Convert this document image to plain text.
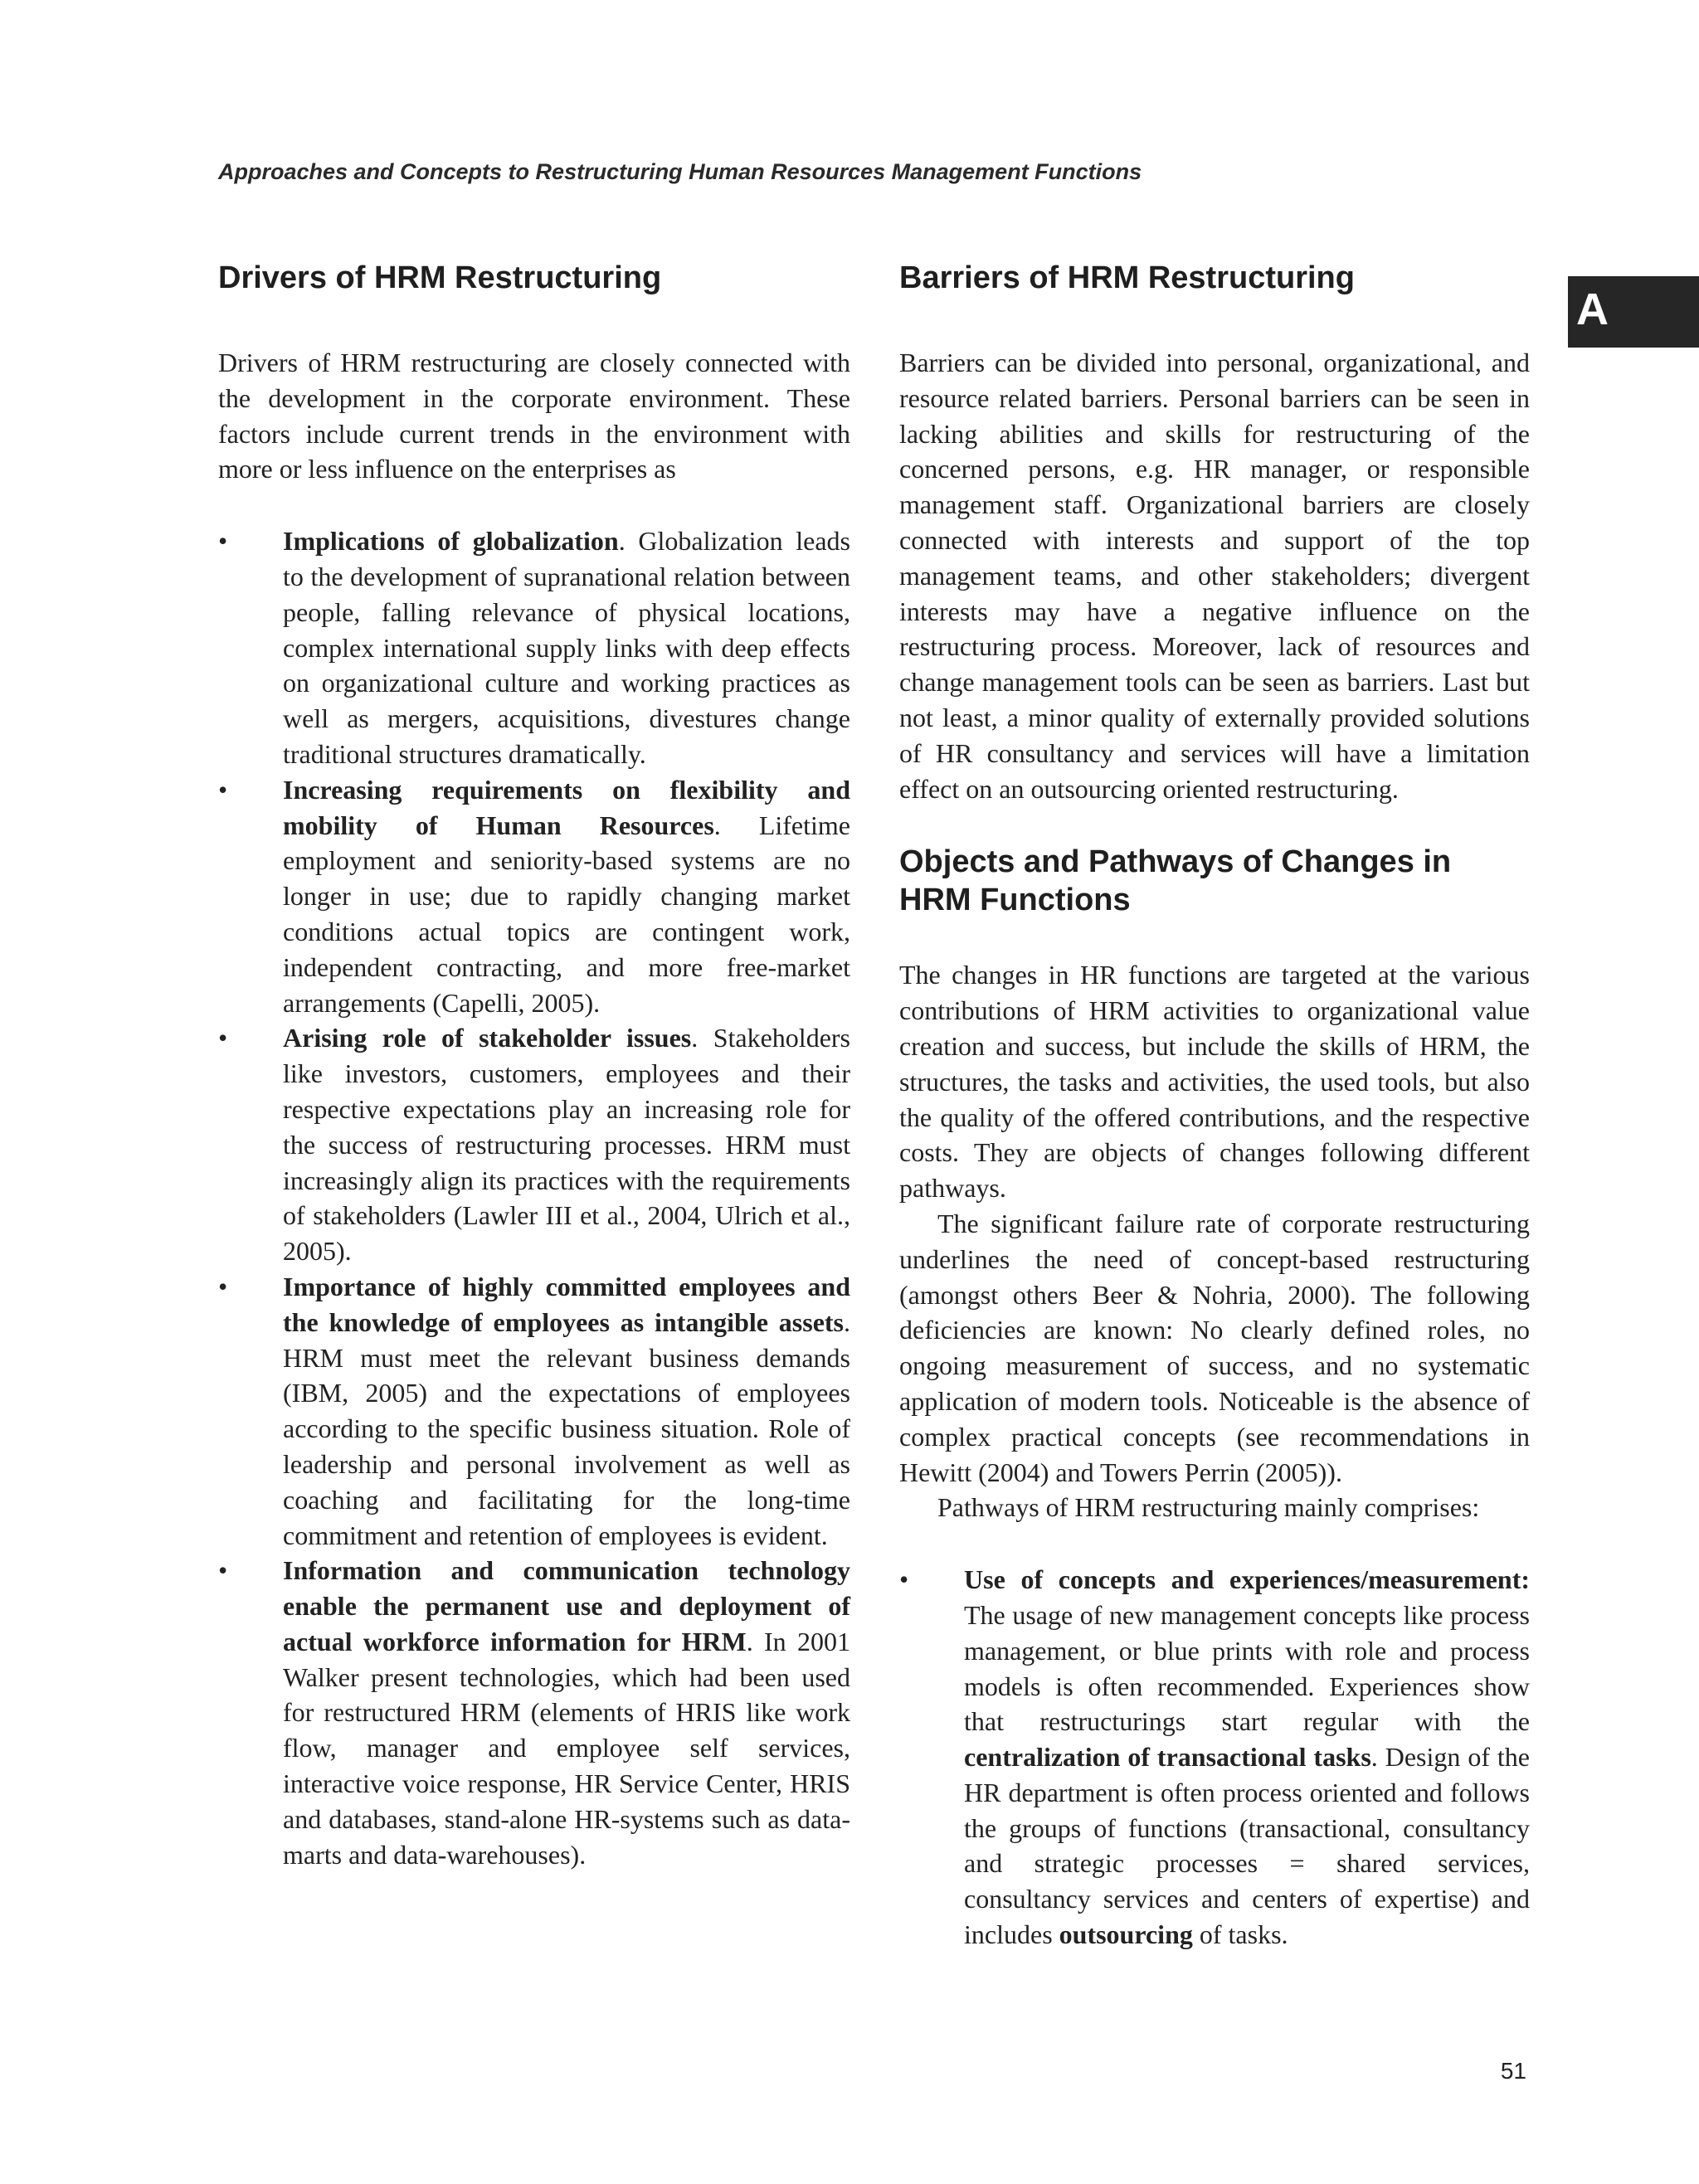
Approaches and Concepts to Restructuring Human Resources Management Functions
A
Drivers of HRM Restructuring

Drivers of HRM restructuring are closely connected with the development in the corporate environment. These factors include current trends in the environment with more or less influence on the enterprises as

• Implications of globalization. Globalization leads to the development of supranational relation between people, falling relevance of physical locations, complex international supply links with deep effects on organizational culture and working practices as well as mergers, acquisitions, divestures change traditional structures dramatically.
• Increasing requirements on flexibility and mobility of Human Resources. Lifetime employment and seniority-based systems are no longer in use; due to rapidly changing market conditions actual topics are contingent work, independent contracting, and more free-market arrangements (Capelli, 2005).
• Arising role of stakeholder issues. Stakeholders like investors, customers, employees and their respective expectations play an increasing role for the success of restructuring processes. HRM must increasingly align its practices with the requirements of stakeholders (Lawler III et al., 2004, Ulrich et al., 2005).
• Importance of highly committed employees and the knowledge of employees as intangible assets. HRM must meet the relevant business demands (IBM, 2005) and the expectations of employees according to the specific business situation. Role of leadership and personal involvement as well as coaching and facilitating for the long-time commitment and retention of employees is evident.
• Information and communication technology enable the permanent use and deployment of actual workforce information for HRM. In 2001 Walker present technologies, which had been used for restructured HRM (elements of HRIS like work flow, manager and employee self services, interactive voice response, HR Service Center, HRIS and databases, stand-alone HR-systems such as data-marts and data-warehouses).
Barriers of HRM Restructuring

Barriers can be divided into personal, organizational, and resource related barriers. Personal barriers can be seen in lacking abilities and skills for restructuring of the concerned persons, e.g. HR manager, or responsible management staff. Organizational barriers are closely connected with interests and support of the top management teams, and other stakeholders; divergent interests may have a negative influence on the restructuring process. Moreover, lack of resources and change management tools can be seen as barriers. Last but not least, a minor quality of externally provided solutions of HR consultancy and services will have a limitation effect on an outsourcing oriented restructuring.

Objects and Pathways of Changes in
HRM Functions

The changes in HR functions are targeted at the various contributions of HRM activities to organizational value creation and success, but include the skills of HRM, the structures, the tasks and activities, the used tools, but also the quality of the offered contributions, and the respective costs. They are objects of changes following different pathways.

The significant failure rate of corporate restructuring underlines the need of concept-based restructuring (amongst others Beer & Nohria, 2000). The following deficiencies are known: No clearly defined roles, no ongoing measurement of success, and no systematic application of modern tools. Noticeable is the absence of complex practical concepts (see recommendations in Hewitt (2004) and Towers Perrin (2005)).

Pathways of HRM restructuring mainly comprises:

• Use of concepts and experiences/measurement: The usage of new management concepts like process management, or blue prints with role and process models is often recommended. Experiences show that restructurings start regular with the centralization of transactional tasks. Design of the HR department is often process oriented and follows the groups of functions (transactional, consultancy and strategic processes = shared services, consultancy services and centers of expertise) and includes outsourcing of tasks.
51
